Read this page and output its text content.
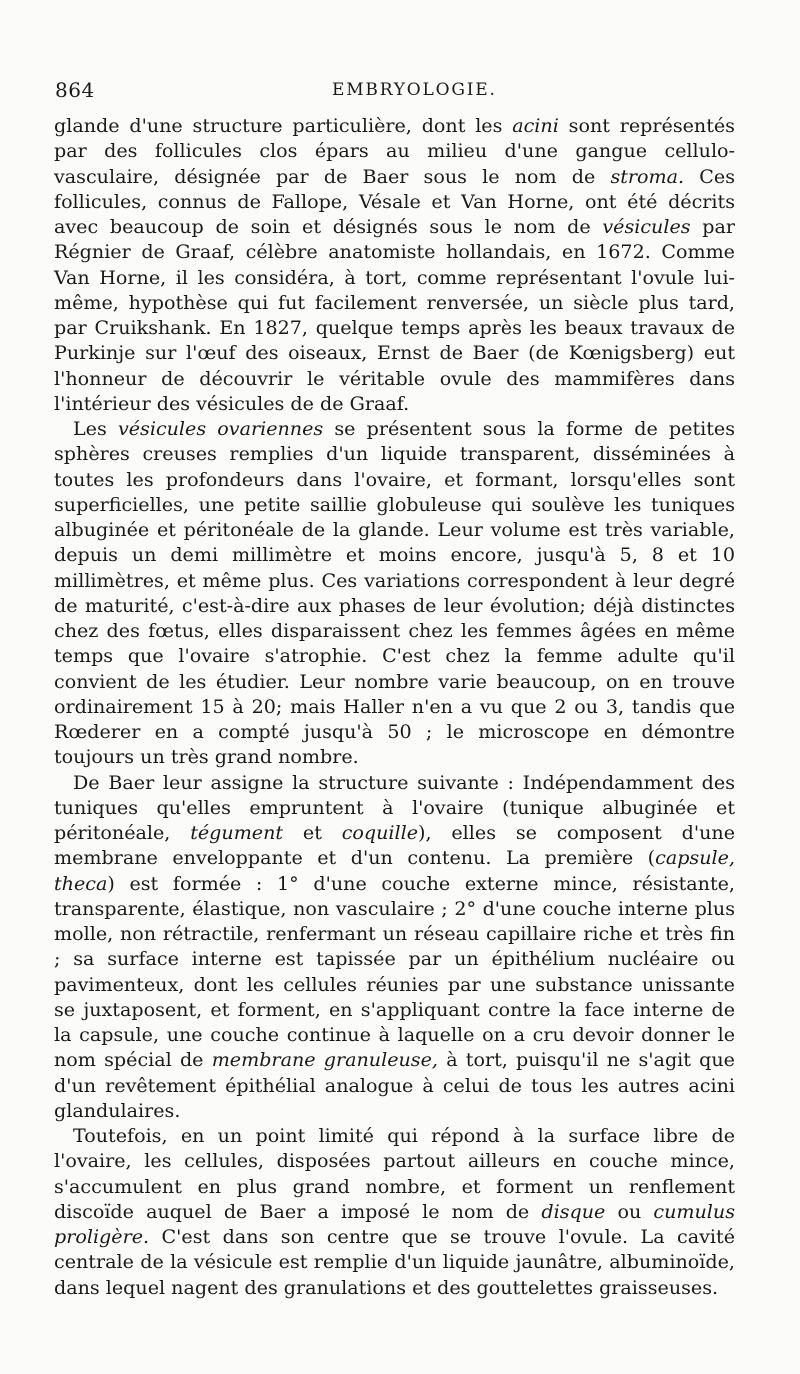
864	EMBRYOLOGIE.

glande d'une structure particulière, dont les acini sont représentés par des follicules clos épars au milieu d'une gangue cellulo-vasculaire, désignée par de Baer sous le nom de stroma. Ces follicules, connus de Fallope, Vésale et Van Horne, ont été décrits avec beaucoup de soin et désignés sous le nom de vésicules par Régnier de Graaf, célèbre anatomiste hollandais, en 1672. Comme Van Horne, il les considéra, à tort, comme représentant l'ovule lui-même, hypothèse qui fut facilement renversée, un siècle plus tard, par Cruikshank. En 1827, quelque temps après les beaux travaux de Purkinje sur l'œuf des oiseaux, Ernst de Baer (de Kœnigsberg) eut l'honneur de découvrir le véritable ovule des mammifères dans l'intérieur des vésicules de de Graaf.

Les vésicules ovariennes se présentent sous la forme de petites sphères creuses remplies d'un liquide transparent, disséminées à toutes les profondeurs dans l'ovaire, et formant, lorsqu'elles sont superficielles, une petite saillie globuleuse qui soulève les tuniques albuginée et péritonéale de la glande. Leur volume est très variable, depuis un demi millimètre et moins encore, jusqu'à 5, 8 et 10 millimètres, et même plus. Ces variations correspondent à leur degré de maturité, c'est-à-dire aux phases de leur évolution; déjà distinctes chez des fœtus, elles disparaissent chez les femmes âgées en même temps que l'ovaire s'atrophie. C'est chez la femme adulte qu'il convient de les étudier. Leur nombre varie beaucoup, on en trouve ordinairement 15 à 20; mais Haller n'en a vu que 2 ou 3, tandis que Rœderer en a compté jusqu'à 50 ; le microscope en démontre toujours un très grand nombre.

De Baer leur assigne la structure suivante : Indépendamment des tuniques qu'elles empruntent à l'ovaire (tunique albuginée et péritonéale, tégument et coquille), elles se composent d'une membrane enveloppante et d'un contenu. La première (capsule, theca) est formée : 1° d'une couche externe mince, résistante, transparente, élastique, non vasculaire ; 2° d'une couche interne plus molle, non rétractile, renfermant un réseau capillaire riche et très fin ; sa surface interne est tapissée par un épithélium nucléaire ou pavimenteux, dont les cellules réunies par une substance unissante se juxtaposent, et forment, en s'appliquant contre la face interne de la capsule, une couche continue à laquelle on a cru devoir donner le nom spécial de membrane granuleuse, à tort, puisqu'il ne s'agit que d'un revêtement épithélial analogue à celui de tous les autres acini glandulaires.

Toutefois, en un point limité qui répond à la surface libre de l'ovaire, les cellules, disposées partout ailleurs en couche mince, s'accumulent en plus grand nombre, et forment un renflement discoïde auquel de Baer a imposé le nom de disque ou cumulus proligère. C'est dans son centre que se trouve l'ovule. La cavité centrale de la vésicule est remplie d'un liquide jaunâtre, albuminoïde, dans lequel nagent des granulations et des gouttelettes graisseuses.
